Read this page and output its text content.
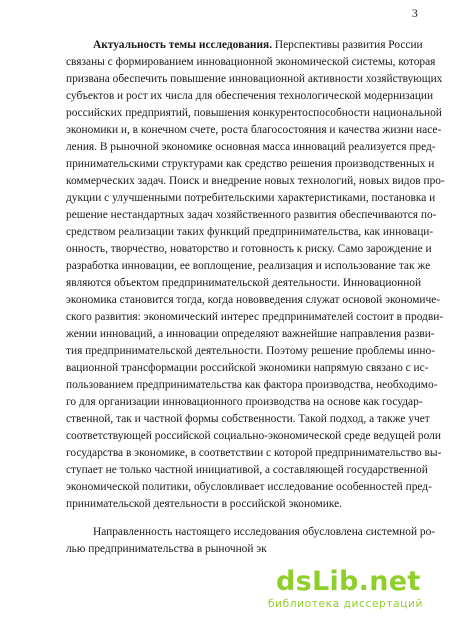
3
Актуальность темы исследования. Перспективы развития России
связаны с формированием инновационной экономической системы, которая
призвана обеспечить повышение инновационной активности хозяйствующих
субъектов и рост их числа для обеспечения технологической модернизации
российских предприятий, повышения конкурентоспособности национальной
экономики и, в конечном счете, роста благосостояния и качества жизни насе-
ления. В рыночной экономике основная масса инноваций реализуется пред-
принимательскими структурами как средство решения производственных и
коммерческих задач. Поиск и внедрение новых технологий, новых видов про-
дукции с улучшенными потребительскими характеристиками, постановка и
решение нестандартных задач хозяйственного развития обеспечиваются по-
средством реализации таких функций предпринимательства, как инноваци-
онность, творчество, новаторство и готовность к риску. Само зарождение и
разработка инновации, ее воплощение, реализация и использование так же
являются объектом предпринимательской деятельности. Инновационной
экономика становится тогда, когда нововведения служат основой экономиче-
ского развития: экономический интерес предпринимателей состоит в продви-
жении инноваций, а инновации определяют важнейшие направления разви-
тия предпринимательской деятельности. Поэтому решение проблемы инно-
вационной трансформации российской экономики напрямую связано с ис-
пользованием предпринимательства как фактора производства, необходимо-
го для организации инновационного производства на основе как государ-
ственной, так и частной формы собственности. Такой подход, а также учет
соответствующей российской социально-экономической среде ведущей роли
государства в экономике, в соответствии с которой предпринимательство вы-
ступает не только частной инициативой, а составляющей государственной
экономической политики, обусловливает исследование особенностей пред-
принимательской деятельности в российской экономике.
Направленность настоящего исследования обусловлена системной ро-
лью предпринимательства в рыночной эк
dsLib.net
библиотека диссертаций
